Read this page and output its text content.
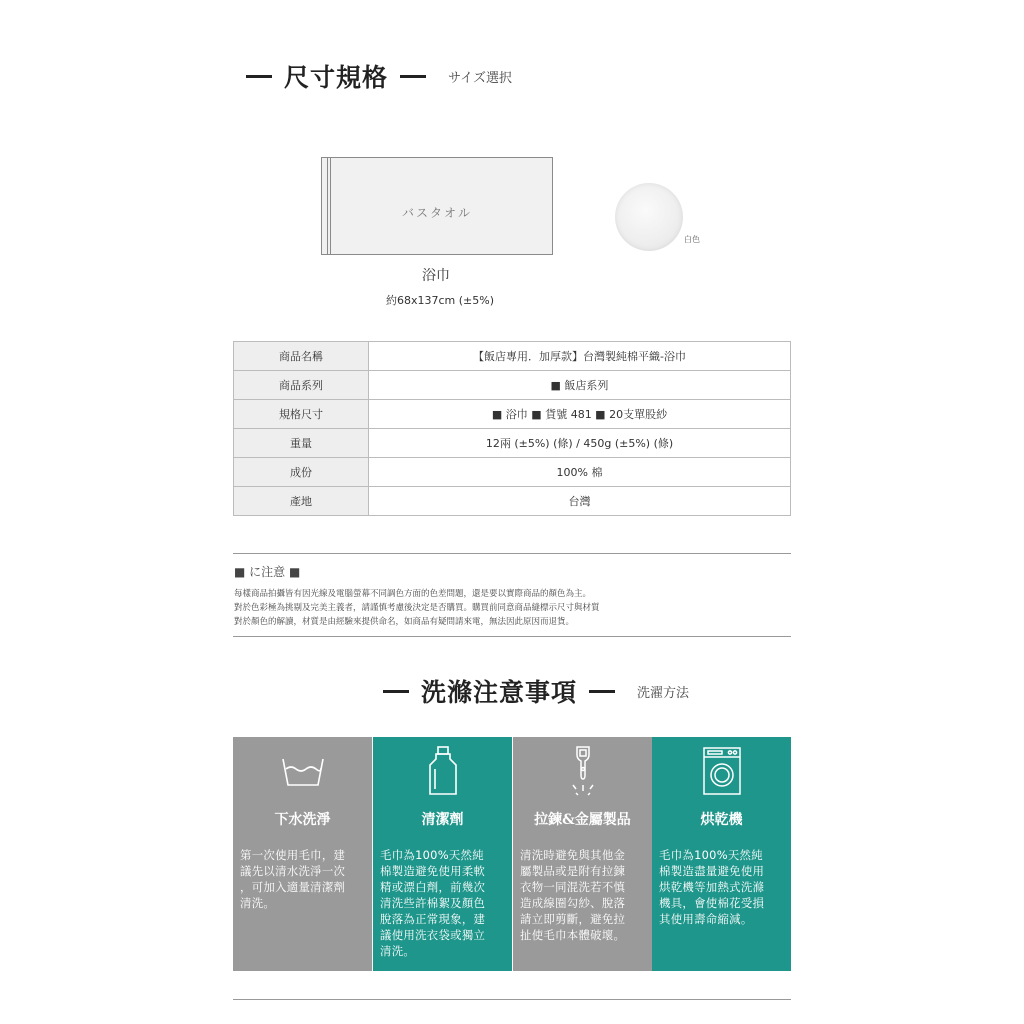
尺寸規格	サイズ選択
バスタオル
白色
浴巾
約68x137cm (±5%)
商品名稱	【飯店專用．加厚款】台灣製純棉平織-浴巾
商品系列	■ 飯店系列
規格尺寸	■ 浴巾 ■ 貨號 481 ■ 20支單股紗
重量	12兩 (±5%) (條) / 450g (±5%) (條)
成份	100% 棉
產地	台灣
■ に注意 ■
每樣商品拍攝皆有因光線及電腦螢幕不同調色方面的色差問題，還是要以實際商品的顏色為主。
對於色彩極為挑剔及完美主義者，請謹慎考慮後決定是否購買。購買前同意商品縫標示尺寸與材質
對於顏色的解讀，材質是由經驗來提供命名，如商品有疑問請來電，無法因此原因而退貨。
洗滌注意事項	洗濯方法
下水洗淨
第一次使用毛巾，建
議先以清水洗淨一次
，可加入適量清潔劑
清洗。
清潔劑
毛巾為100%天然純
棉製造避免使用柔軟
精或漂白劑，前幾次
清洗些許棉絮及顏色
脫落為正常現象，建
議使用洗衣袋或獨立
清洗。
拉鍊&金屬製品
清洗時避免與其他金
屬製品或是附有拉鍊
衣物一同混洗若不慎
造成線圈勾紗、脫落
請立即剪斷，避免拉
扯使毛巾本體破壞。
烘乾機
毛巾為100%天然純
棉製造盡量避免使用
烘乾機等加熱式洗滌
機具，會使棉花受損
其使用壽命縮減。
